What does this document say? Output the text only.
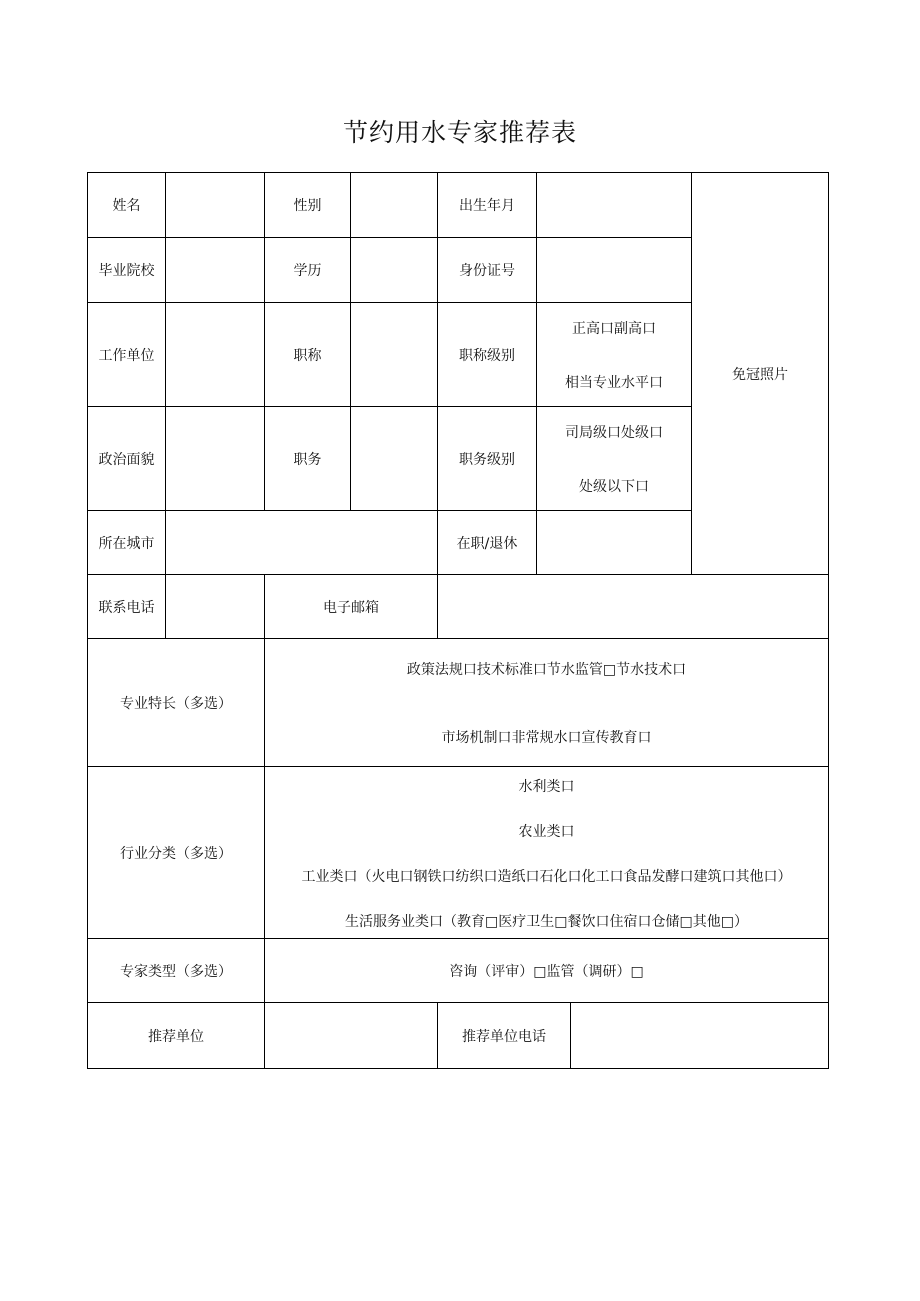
节约用水专家推荐表
姓名		性别		出生年月			免冠照片
毕业院校		学历		身份证号			
工作单位		职称		职称级别	正高口副高口
相当专业水平口		

政治面貌		职务		职务级别	司局级口处级口
处级以下口		

所在城市				在职/退休			
联系电话		电子邮箱					
专业特长（多选）		政策法规口技术标准口节水监管□节水技术口
市场机制口非常规水口宣传教育口					

行业分类（多选）		水利类口
农业类口
工业类口（火电口钢铁口纺织口造纸口石化口化工口食品发酵口建筑口其他口）
生活服务业类口（教育□医疗卫生□餐饮口住宿口仓储□其他□）					

专家类型（多选）		咨询（评审）□监管（调研）□					
推荐单位				推荐单位电话			
